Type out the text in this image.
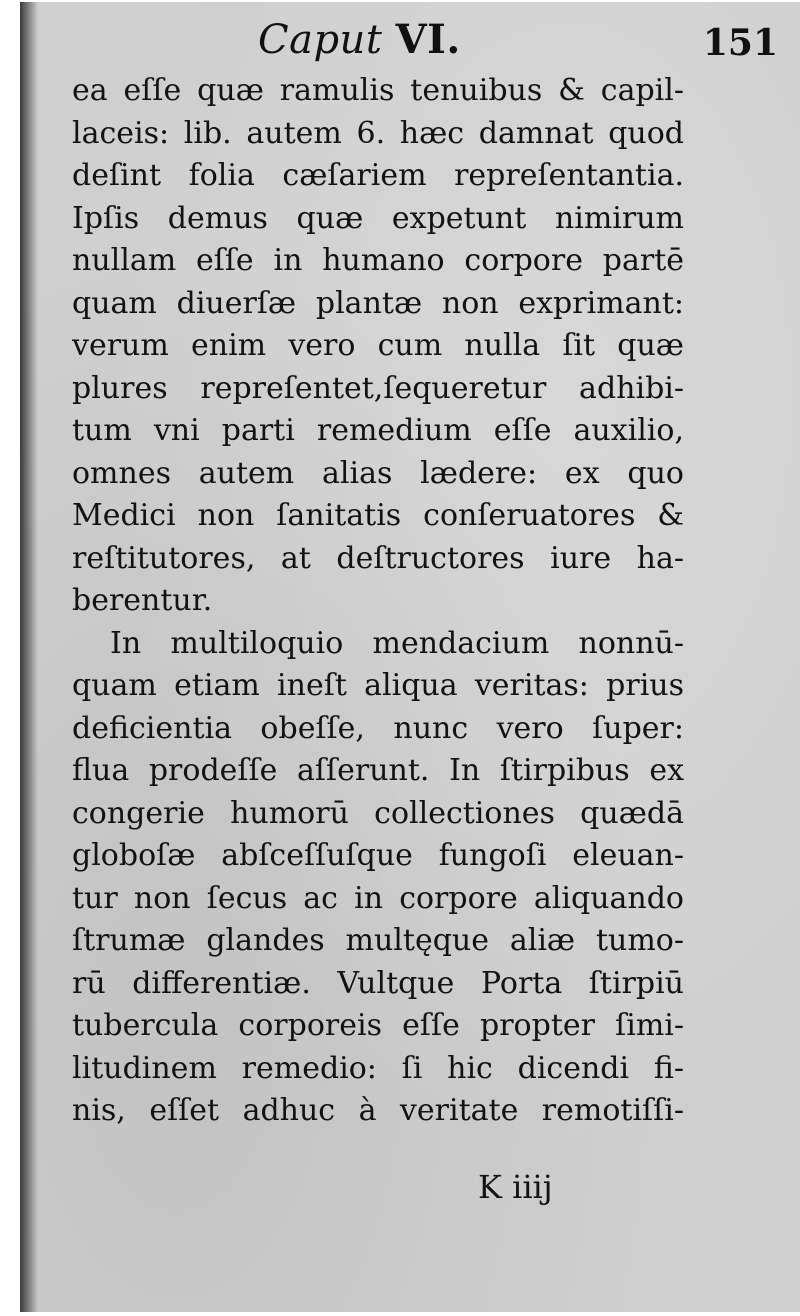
Caput VI.	151
ea eſſe quæ ramulis tenuibus & capil-
laceis: lib. autem 6. hæc damnat quod
deſint folia cæſariem repreſentantia.
Ipſis demus quæ expetunt nimirum
nullam eſſe in humano corpore partē
quam diuerſæ plantæ non exprimant:
verum enim vero cum nulla ſit quæ
plures repreſentet,ſequeretur adhibi-
tum vni parti remedium eſſe auxilio,
omnes autem alias lædere: ex quo
Medici non ſanitatis conſeruatores &
reſtitutores, at deſtructores iure ha-
berentur.
In multiloquio mendacium nonnū-
quam etiam ineſt aliqua veritas: prius
deficientia obeſſe, nunc vero ſuper:
flua prodeſſe aſſerunt. In ſtirpibus ex
congerie humorū collectiones quædā
globoſæ abſceſſuſque fungoſi eleuan-
tur non ſecus ac in corpore aliquando
ſtrumæ glandes multęque aliæ tumo-
rū differentiæ. Vultque Porta ſtirpiū
tubercula corporeis eſſe propter ſimi-
litudinem remedio: ſi hic dicendi fi-
nis, eſſet adhuc à veritate remotiſſi-
K iiij
